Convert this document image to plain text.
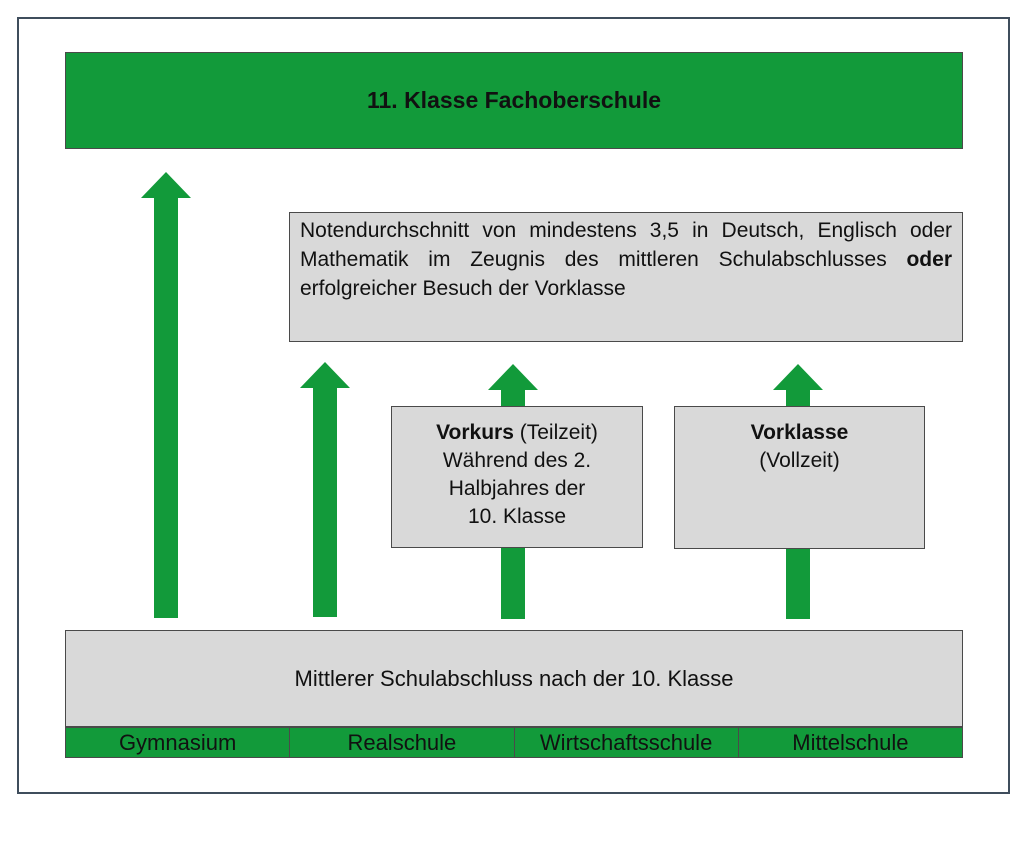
11. Klasse Fachoberschule
Notendurchschnitt von mindestens 3,5 in Deutsch, Englisch oder Mathematik im Zeugnis des mittleren Schulabschlusses oder erfolgreicher Besuch der Vorklasse
Vorkurs (Teilzeit)
Während des 2.
Halbjahres der
10. Klasse
Vorklasse
(Vollzeit)
Mittlerer Schulabschluss nach der 10. Klasse
Gymnasium	Realschule	Wirtschaftsschule	Mittelschule
